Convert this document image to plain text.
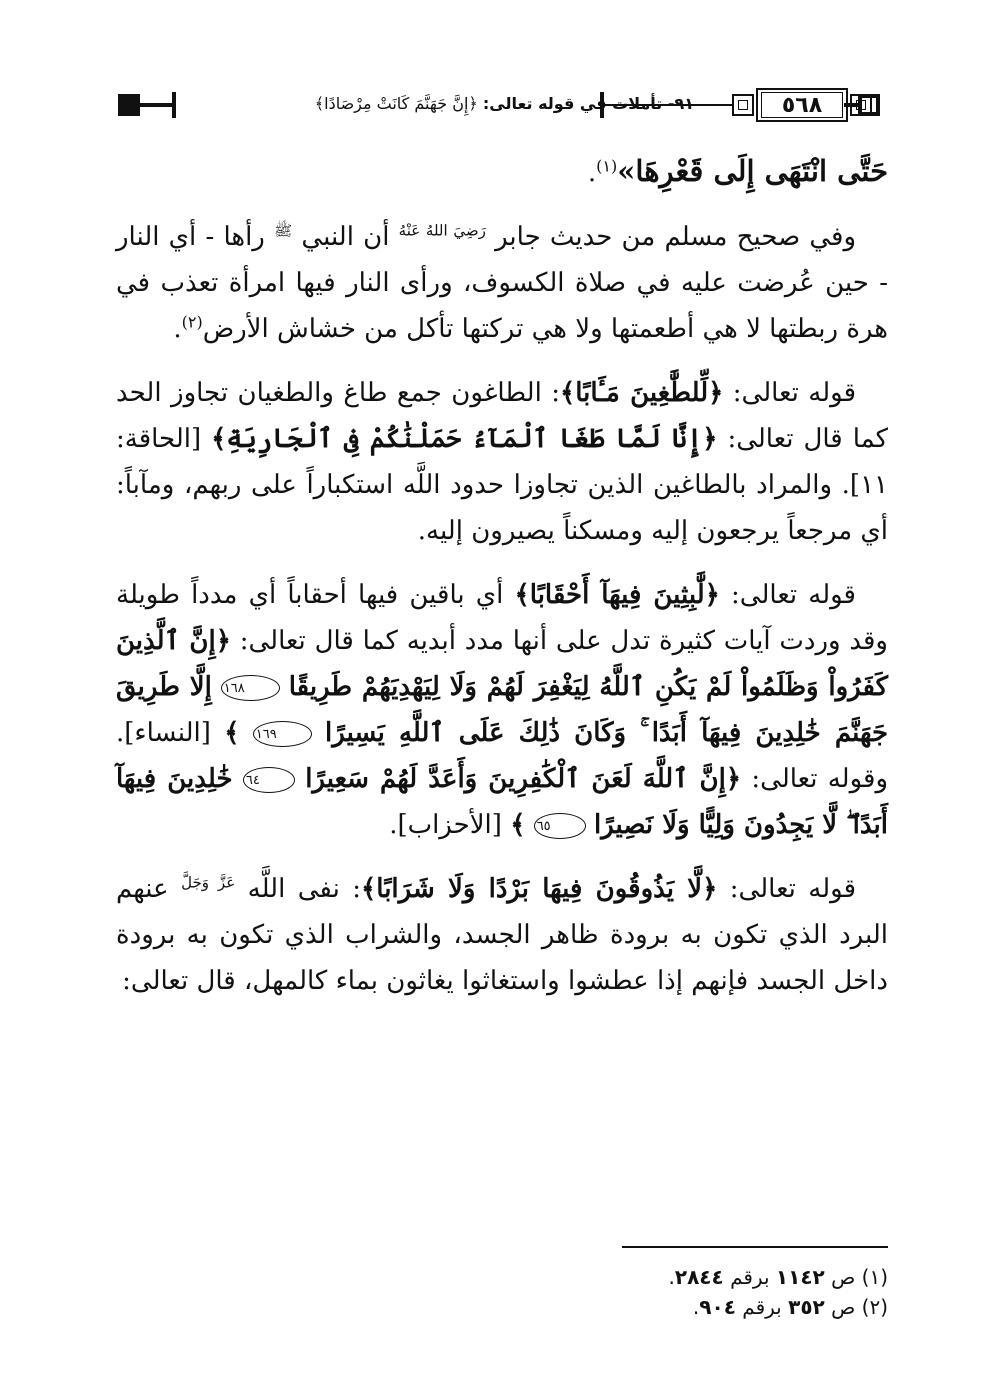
٥٦٨
٩١- تأملات في قوله تعالى: ﴿إِنَّ جَهَنَّمَ كَانَتْ مِرْصَادًا﴾

حَتَّى انْتَهَى إِلَى قَعْرِهَا»$^{(١)}$.

وفي صحيح مسلم من حديث جابر $^{رَضِيَ اللهُ عَنْهُ}$ أن النبي $^ﷺ$ رأها - أي النار - حين عُرضت عليه في صلاة الكسوف، ورأى النار فيها امرأة تعذب في هرة ربطتها لا هي أطعمتها ولا هي تركتها تأكل من خشاش الأرض$^{(٢)}$.

قوله تعالى: ﴿لِّلطَّٰغِينَ مَـَٔابًا﴾: الطاغون جمع طاغ والطغيان تجاوز الحد كما قال تعالى: ﴿إِنَّا لَمَّا طَغَا ٱلْمَآءُ حَمَلْنَٰكُمْ فِى ٱلْجَارِيَةِ﴾ [الحاقة: ١١]. والمراد بالطاغين الذين تجاوزا حدود اللَّه استكباراً على ربهم، ومآباً: أي مرجعاً يرجعون إليه ومسكناً يصيرون إليه.

قوله تعالى: ﴿لَّٰبِثِينَ فِيهَآ أَحْقَابًا﴾ أي باقين فيها أحقاباً أي مدداً طويلة وقد وردت آيات كثيرة تدل على أنها مدد أبديه كما قال تعالى: ﴿إِنَّ ٱلَّذِينَ كَفَرُواْ وَظَلَمُواْ لَمْ يَكُنِ ٱللَّهُ لِيَغْفِرَ لَهُمْ وَلَا لِيَهْدِيَهُمْ طَرِيقًا ١٦٨ إِلَّا طَرِيقَ جَهَنَّمَ خَٰلِدِينَ فِيهَآ أَبَدًا ۚ وَكَانَ ذَٰلِكَ عَلَى ٱللَّهِ يَسِيرًا ١٦٩ ﴾ [النساء]. وقوله تعالى: ﴿إِنَّ ٱللَّهَ لَعَنَ ٱلْكَٰفِرِينَ وَأَعَدَّ لَهُمْ سَعِيرًا ٦٤ خَٰلِدِينَ فِيهَآ أَبَدًا ۖ لَّا يَجِدُونَ وَلِيًّا وَلَا نَصِيرًا ٦٥ ﴾ [الأحزاب].

قوله تعالى: ﴿لَّا يَذُوقُونَ فِيهَا بَرْدًا وَلَا شَرَابًا﴾: نفى اللَّه $^{عَزَّ وَجَلَّ}$ عنهم البرد الذي تكون به برودة ظاهر الجسد، والشراب الذي تكون به برودة داخل الجسد فإنهم إذا عطشوا واستغاثوا يغاثون بماء كالمهل، قال تعالى:

(١) ص ١١٤٢ برقم ٢٨٤٤.
(٢) ص ٣٥٢ برقم ٩٠٤.
